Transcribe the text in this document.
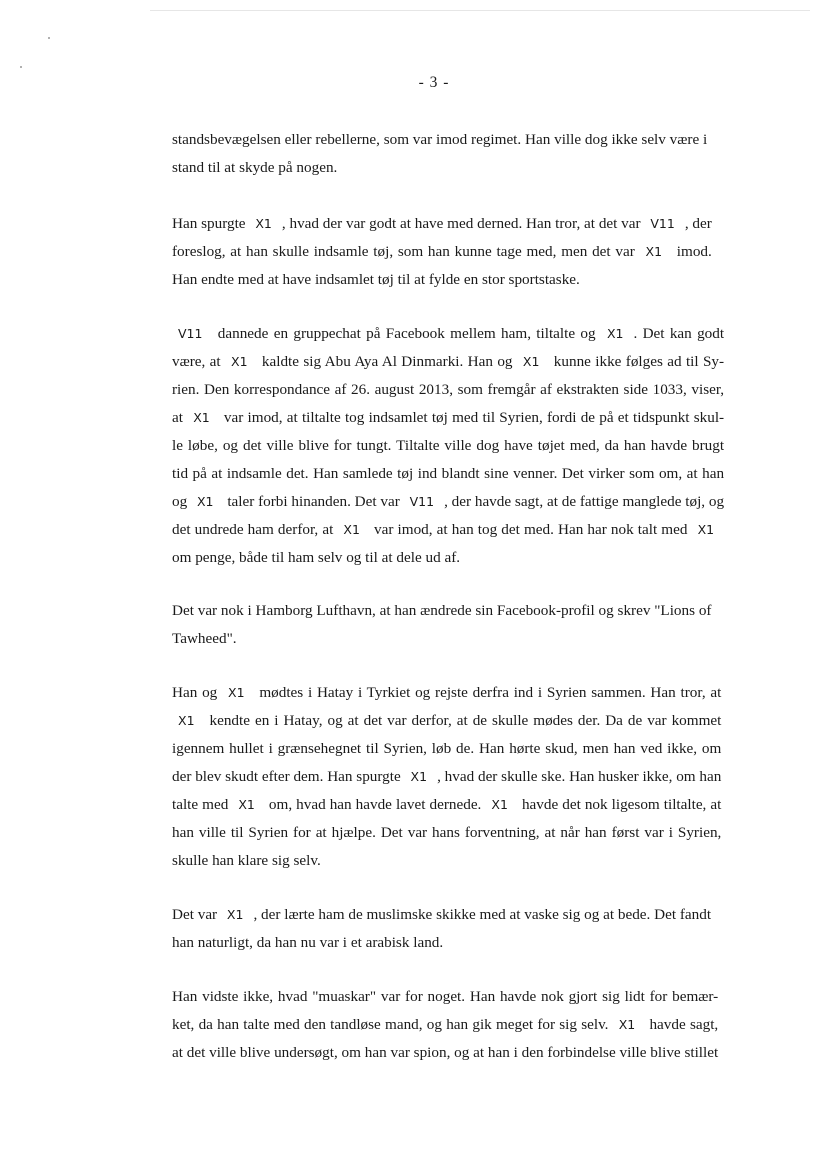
- 3 -
standsbevægelsen eller rebellerne, som var imod regimet. Han ville dog ikke selv være i
stand til at skyde på nogen.
Han spurgte X1 , hvad der var godt at have med derned. Han tror, at det var V11 , der
foreslog, at han skulle indsamle tøj, som han kunne tage med, men det var X1 imod.
Han endte med at have indsamlet tøj til at fylde en stor sportstaske.
V11 dannede en gruppechat på Facebook mellem ham, tiltalte og X1 . Det kan godt
være, at X1 kaldte sig Abu Aya Al Dinmarki. Han og X1 kunne ikke følges ad til Sy-
rien. Den korrespondance af 26. august 2013, som fremgår af ekstrakten side 1033, viser,
at X1 var imod, at tiltalte tog indsamlet tøj med til Syrien, fordi de på et tidspunkt skul-
le løbe, og det ville blive for tungt. Tiltalte ville dog have tøjet med, da han havde brugt
tid på at indsamle det. Han samlede tøj ind blandt sine venner. Det virker som om, at han
og X1 taler forbi hinanden. Det var V11 , der havde sagt, at de fattige manglede tøj, og
det undrede ham derfor, at X1 var imod, at han tog det med. Han har nok talt med X1
om penge, både til ham selv og til at dele ud af.
Det var nok i Hamborg Lufthavn, at han ændrede sin Facebook-profil og skrev "Lions of
Tawheed".
Han og X1 mødtes i Hatay i Tyrkiet og rejste derfra ind i Syrien sammen. Han tror, at
X1 kendte en i Hatay, og at det var derfor, at de skulle mødes der. Da de var kommet
igennem hullet i grænsehegnet til Syrien, løb de. Han hørte skud, men han ved ikke, om
der blev skudt efter dem. Han spurgte X1 , hvad der skulle ske. Han husker ikke, om han
talte med X1 om, hvad han havde lavet dernede. X1 havde det nok ligesom tiltalte, at
han ville til Syrien for at hjælpe. Det var hans forventning, at når han først var i Syrien,
skulle han klare sig selv.
Det var X1 , der lærte ham de muslimske skikke med at vaske sig og at bede. Det fandt
han naturligt, da han nu var i et arabisk land.
Han vidste ikke, hvad "muaskar" var for noget. Han havde nok gjort sig lidt for bemær-
ket, da han talte med den tandløse mand, og han gik meget for sig selv. X1 havde sagt,
at det ville blive undersøgt, om han var spion, og at han i den forbindelse ville blive stillet
